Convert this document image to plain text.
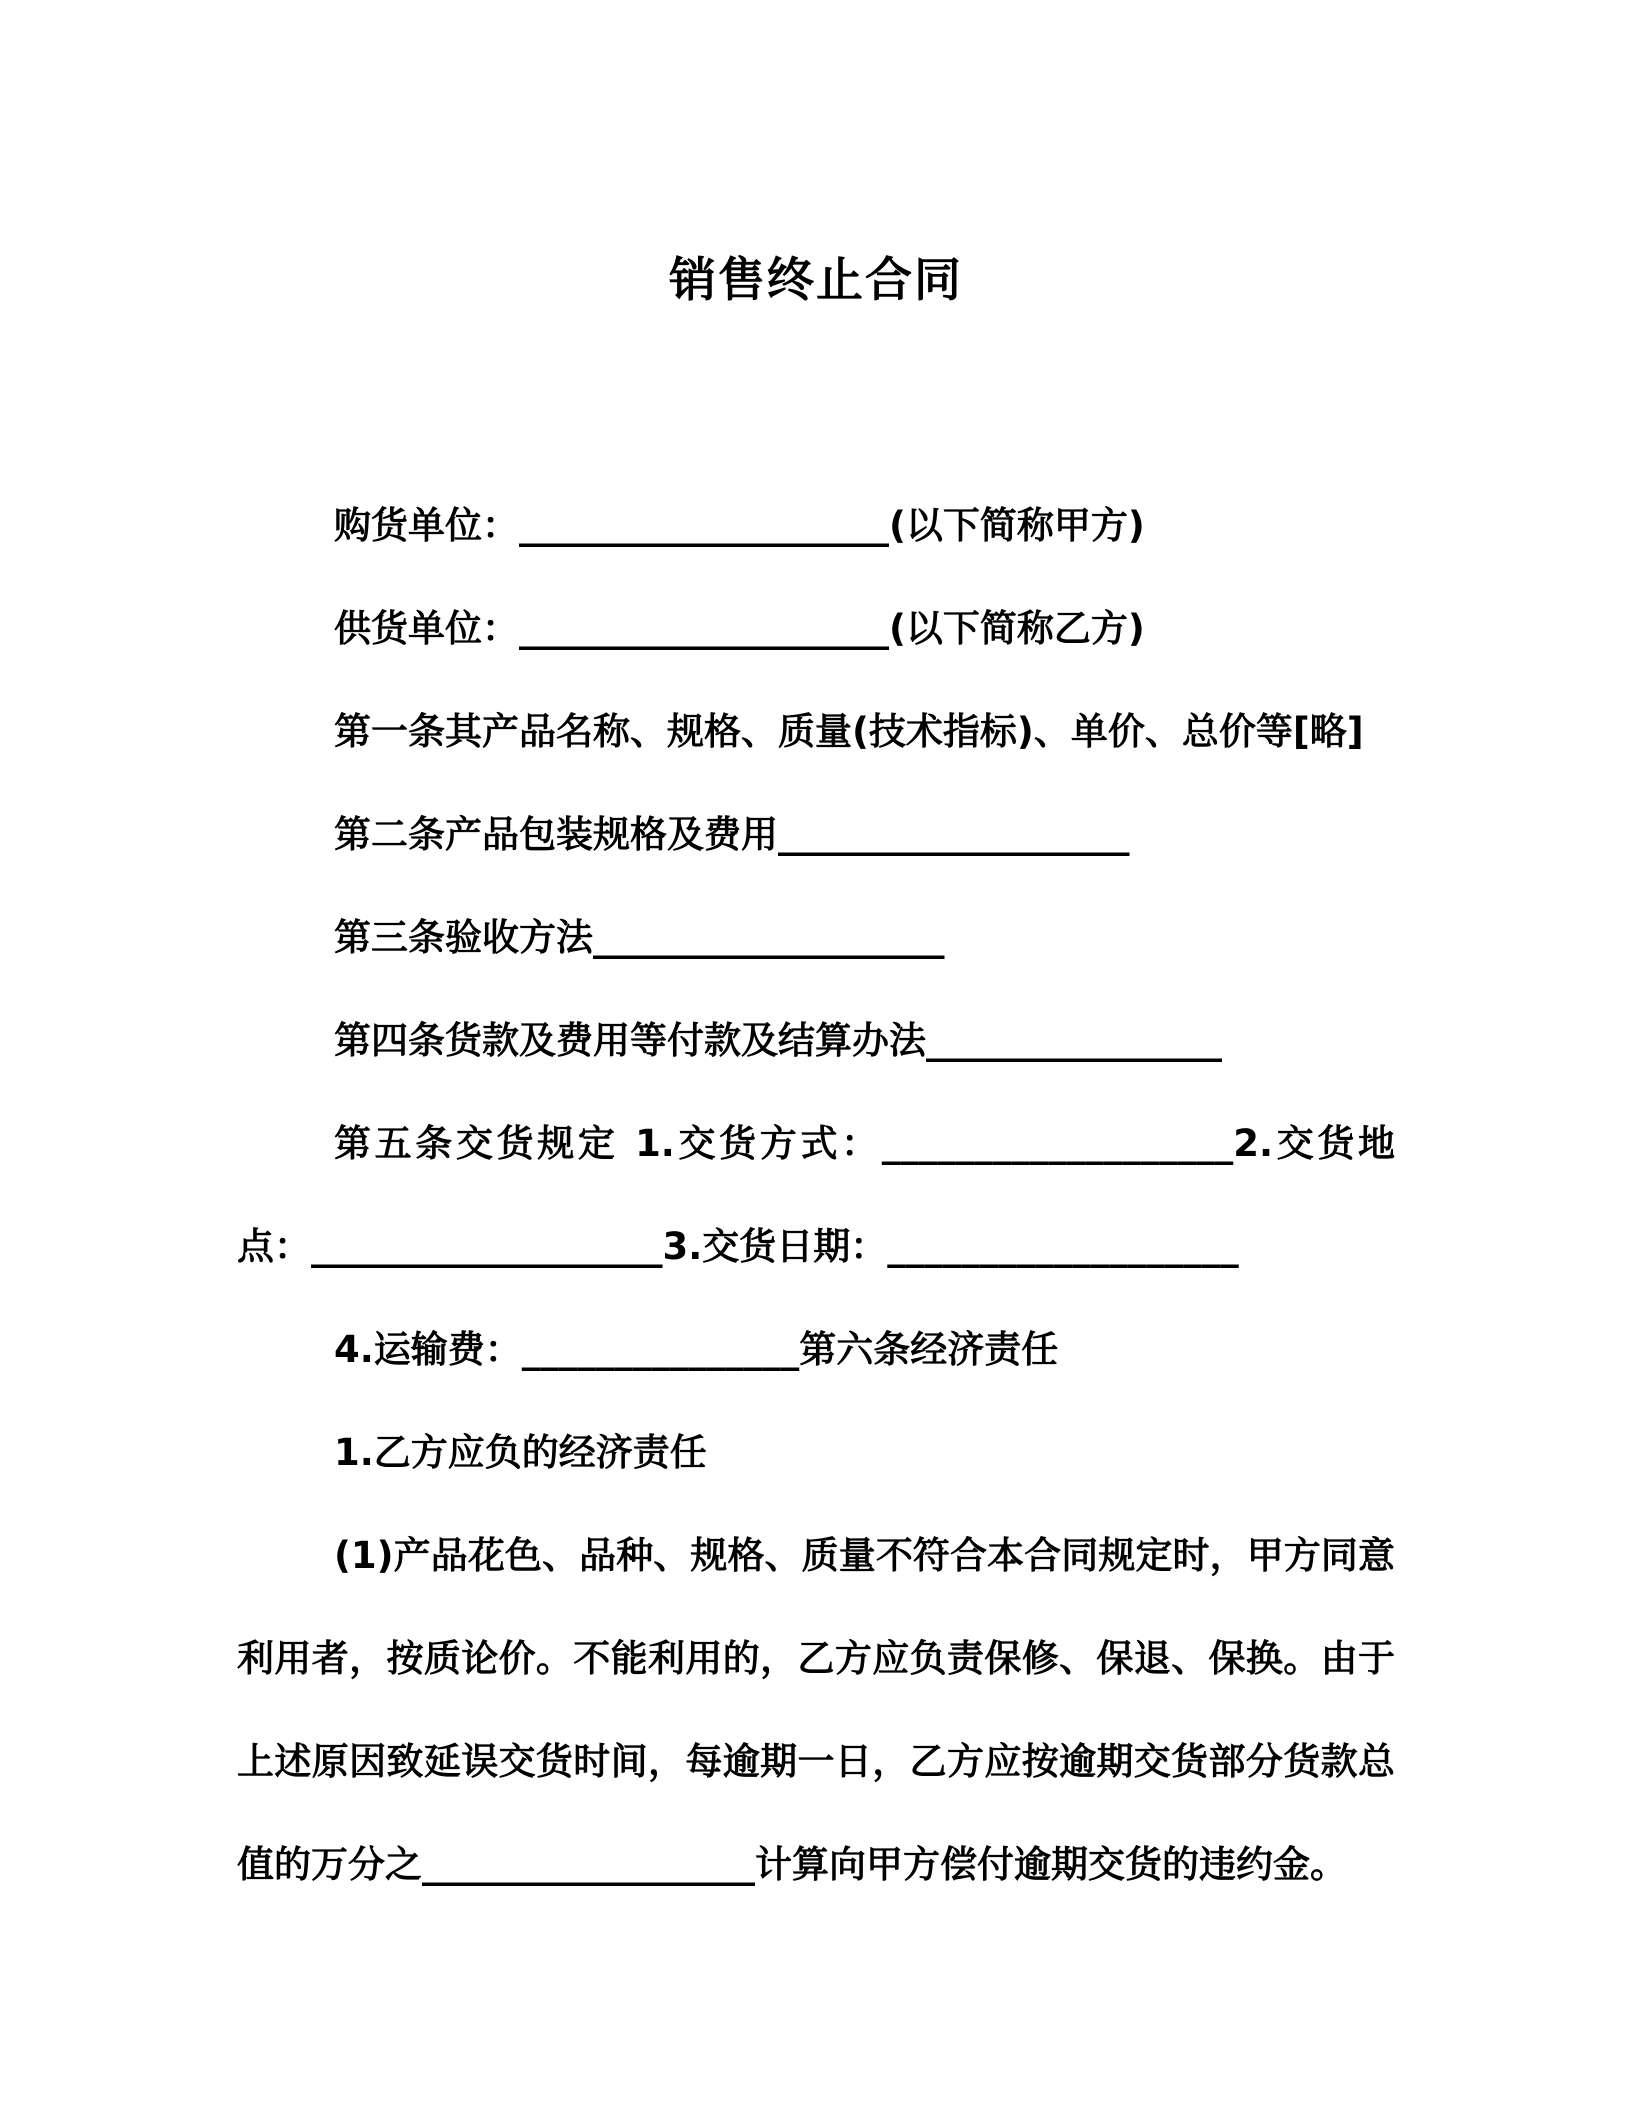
销售终止合同

购货单位：____________________(以下简称甲方)

供货单位：____________________(以下简称乙方)

第一条其产品名称、规格、质量(技术指标)、单价、总价等[略]

第二条产品包装规格及费用___________________

第三条验收方法___________________

第四条货款及费用等付款及结算办法________________

第五条交货规定 1.交货方式：___________________2.交货地点：___________________3.交货日期：___________________

4.运输费：_______________第六条经济责任

1.乙方应负的经济责任

(1)产品花色、品种、规格、质量不符合本合同规定时，甲方同意利用者，按质论价。不能利用的，乙方应负责保修、保退、保换。由于上述原因致延误交货时间，每逾期一日，乙方应按逾期交货部分货款总值的万分之__________________计算向甲方偿付逾期交货的违约金。
